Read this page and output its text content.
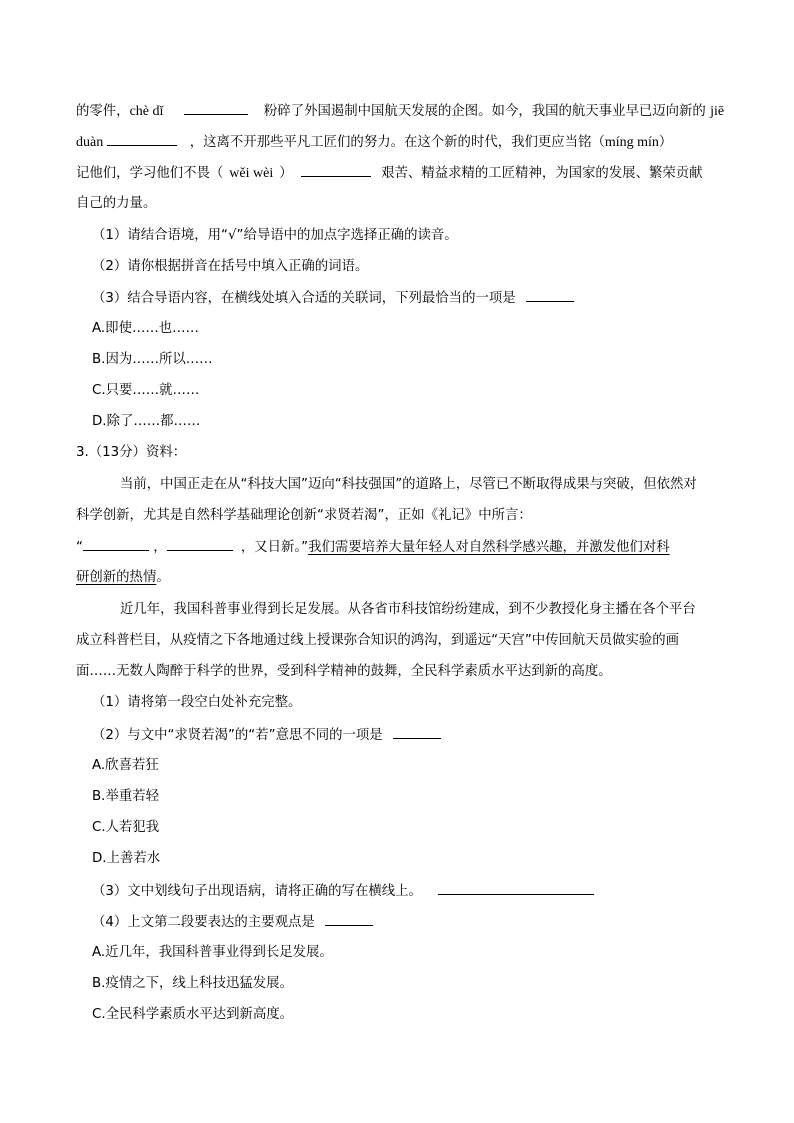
的零件，chè dǐ	粉碎了外国遏制中国航天发展的企图。如今，我国的航天事业早已迈向新的 jiē
duàn	，这离不开那些平凡工匠们的努力。在这个新的时代，我们更应当铭（míng mín）
记他们，学习他们不畏（ wěi wèi ）	艰苦、精益求精的工匠精神，为国家的发展、繁荣贡献
自己的力量。
（1）请结合语境，用“√”给导语中的加点字选择正确的读音。
（2）请你根据拼音在括号中填入正确的词语。
（3）结合导语内容，在横线处填入合适的关联词，下列最恰当的一项是
A.即使……也……
B.因为……所以……
C.只要……就……
D.除了……都……
3.（13分）资料：
当前，中国正走在从“科技大国”迈向“科技强国”的道路上，尽管已不断取得成果与突破，但依然对
科学创新，尤其是自然科学基础理论创新“求贤若渴”，正如《礼记》中所言：
“	，	，又日新。”我们需要培养大量年轻人对自然科学感兴趣，并激发他们对科
研创新的热情。
近几年，我国科普事业得到长足发展。从各省市科技馆纷纷建成，到不少教授化身主播在各个平台
成立科普栏目，从疫情之下各地通过线上授课弥合知识的鸿沟，到遥远“天宫”中传回航天员做实验的画
面……无数人陶醉于科学的世界，受到科学精神的鼓舞，全民科学素质水平达到新的高度。
（1）请将第一段空白处补充完整。
（2）与文中“求贤若渴”的“若”意思不同的一项是
A.欣喜若狂
B.举重若轻
C.人若犯我
D.上善若水
（3）文中划线句子出现语病，请将正确的写在横线上。
（4）上文第二段要表达的主要观点是
A.近几年，我国科普事业得到长足发展。
B.疫情之下，线上科技迅猛发展。
C.全民科学素质水平达到新高度。
